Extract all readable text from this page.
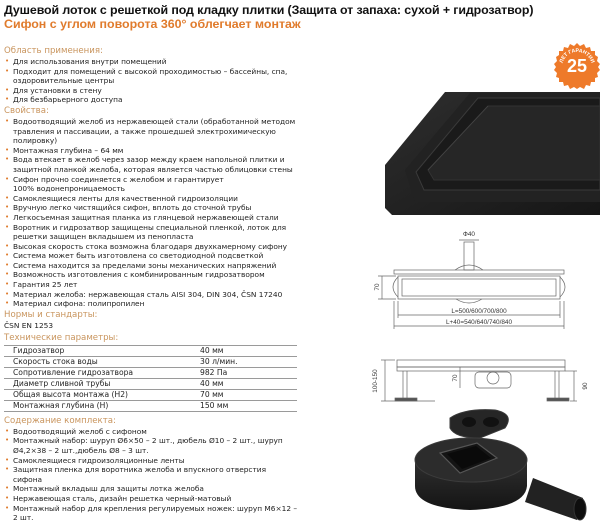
Душевой лоток с решеткой под кладку плитки (Защита от запаха: сухой + гидрозатвор)
Сифон с углом поворота 360° облегчает монтаж
Область применения:
• Для использования внутри помещений
• Подходит для помещений с высокой проходимостью – бассейны, спа, оздоровительные центры
• Для установки в стену
• Для безбарьерного доступа
Свойства:
• Водоотводящий желоб из нержавеющей стали (обработанной методом травления и пассивации, а также прошедшей электрохимическую полировку)
• Монтажная глубина – 64 мм
• Вода втекает в желоб через зазор между краем напольной плитки и защитной планкой желоба, которая является частью облицовки стены
• Сифон прочно соединяется с желобом и гарантирует 100% водонепроницаемость
• Самоклеящиеся ленты для качественной гидроизоляции
• Вручную легко чистящийся сифон, вплоть до сточной трубы
• Легкосъемная защитная планка из глянцевой нержавеющей стали
• Воротник и гидрозатвор защищены специальной пленкой, лоток для решетки защищен вкладышем из пенопласта
• Высокая скорость стока возможна благодаря двухкамерному сифону
• Система может быть изготовлена со светодиодной подсветкой
• Система находится за пределами зоны механических напряжений
• Возможность изготовления с комбинированным гидрозатвором
• Гарантия 25 лет
• Материал желоба: нержавеющая сталь AISI 304, DIN 304, ČSN 17240
• Материал сифона: полипропилен
Нормы и стандарты:
ČSN EN 1253
Технические параметры:
Гидрозатвор	40 мм
Скорость стока воды	30 л/мин.
Сопротивление гидрозатвора	982 Па
Диаметр сливной трубы	40 мм
Общая высота монтажа (H2)	70 мм
Монтажная глубина (H)	150 мм
Содержание комплекта:
• Водоотводящий желоб с сифоном
• Монтажный набор: шуруп Ø6×50 – 2 шт., дюбель Ø10 – 2 шт., шуруп Ø4,2×38 – 2 шт.,дюбель Ø8 – 3 шт.
• Самоклеящиеся гидроизоляционные ленты
• Защитная пленка для воротника желоба и впускного отверстия сифона
• Монтажный вкладыш для защиты лотка желоба
• Нержавеющая сталь, дизайн решетка черный-матовый
• Монтажный набор для крепления регулируемых ножек: шуруп M6×12 – 2 шт.
ЛЕТ ГАРАНТИИ
25
Ф40
70
L=500/600/700/800
L+40=540/640/740/840
100-150	70
90
